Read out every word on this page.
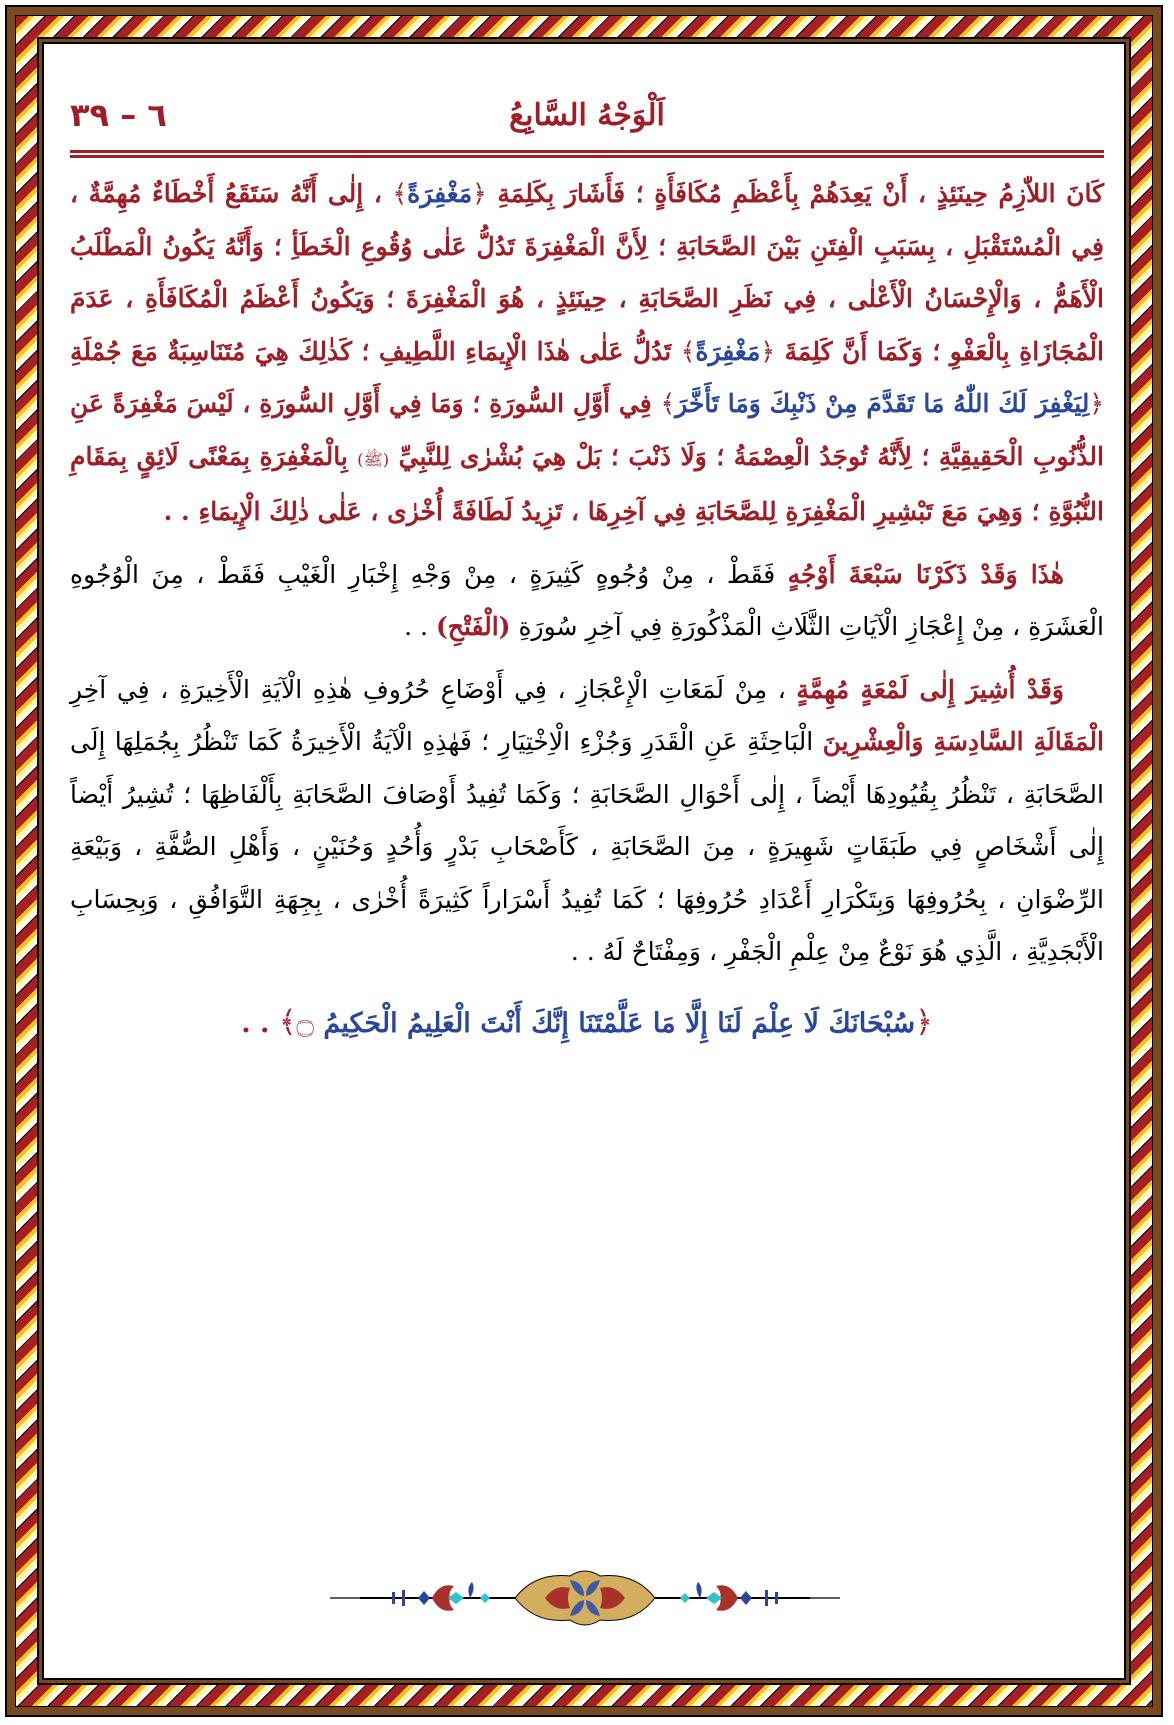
٦ – ٣٩	اَلْوَجْهُ السَّابِعُ

كَانَ اللاّٰزِمُ حِينَئِذٍ ، أَنْ يَعِدَهُمْ بِأَعْظَمِ مُكَافَأَةٍ ؛ فَأَشَارَ بِكَلِمَةِ ﴿مَغْفِرَةً﴾ ، إِلٰى أَنَّهُ سَتَقَعُ أَخْطَاءٌ مُهِمَّةٌ ، فِي الْمُسْتَقْبَلِ ، بِسَبَبِ الْفِتَنِ بَيْنَ الصَّحَابَةِ ؛ لِأَنَّ الْمَغْفِرَةَ تَدُلُّ عَلٰى وُقُوعِ الْخَطَأِ ؛ وَأَنَّهُ يَكُونُ الْمَطْلَبُ الْأَهَمُّ ، وَالْإِحْسَانُ الْأَعْلٰى ، فِي نَظَرِ الصَّحَابَةِ ، حِينَئِذٍ ، هُوَ الْمَغْفِرَةَ ؛ وَيَكُونُ أَعْظَمُ الْمُكَافَأَةِ ، عَدَمَ الْمُجَازَاةِ بِالْعَفْوِ ؛ وَكَمَا أَنَّ كَلِمَةَ ﴿مَغْفِرَةً﴾ تَدُلُّ عَلٰى هٰذَا الْإِيمَاءِ اللَّطِيفِ ؛ كَذٰلِكَ هِيَ مُتَنَاسِبَةٌ مَعَ جُمْلَةِ ﴿لِيَغْفِرَ لَكَ اللّٰهُ مَا تَقَدَّمَ مِنْ ذَنْبِكَ وَمَا تَأَخَّرَ﴾ فِي أَوَّلِ السُّورَةِ ؛ وَمَا فِي أَوَّلِ السُّورَةِ ، لَيْسَ مَغْفِرَةً عَنِ الذُّنُوبِ الْحَقِيقِيَّةِ ؛ لِأَنَّهُ تُوجَدُ الْعِصْمَةُ ؛ وَلَا ذَنْبَ ؛ بَلْ هِيَ بُشْرٰى لِلنَّبِيِّ (ﷺ) بِالْمَغْفِرَةِ بِمَعْنًى لَائِقٍ بِمَقَامِ النُّبُوَّةِ ؛ وَهِيَ مَعَ تَبْشِيرِ الْمَغْفِرَةِ لِلصَّحَابَةِ فِي آخِرِهَا ، تَزِيدُ لَطَافَةً أُخْرٰى ، عَلٰى ذٰلِكَ الْإِيمَاءِ . .

هٰذَا وَقَدْ ذَكَرْنَا سَبْعَةَ أَوْجُهٍ فَقَطْ ، مِنْ وُجُوهٍ كَثِيرَةٍ ، مِنْ وَجْهِ إِخْبَارِ الْغَيْبِ فَقَطْ ، مِنَ الْوُجُوهِ الْعَشَرَةِ ، مِنْ إِعْجَازِ الْآيَاتِ الثَّلَاثِ الْمَذْكُورَةِ فِي آخِرِ سُورَةِ (الْفَتْحِ) . .

وَقَدْ أُشِيرَ إِلٰى لَمْعَةٍ مُهِمَّةٍ ، مِنْ لَمَعَاتِ الْإِعْجَازِ ، فِي أَوْضَاعِ حُرُوفِ هٰذِهِ الْآيَةِ الْأَخِيرَةِ ، فِي آخِرِ الْمَقَالَةِ السَّادِسَةِ وَالْعِشْرِينَ الْبَاحِثَةِ عَنِ الْقَدَرِ وَجُزْءِ الْاِخْتِيَارِ ؛ فَهٰذِهِ الْآيَةُ الْأَخِيرَةُ كَمَا تَنْظُرُ بِجُمَلِهَا إِلَى الصَّحَابَةِ ، تَنْظُرُ بِقُيُودِهَا أَيْضاً ، إِلٰى أَحْوَالِ الصَّحَابَةِ ؛ وَكَمَا تُفِيدُ أَوْصَافَ الصَّحَابَةِ بِأَلْفَاظِهَا ؛ تُشِيرُ أَيْضاً إِلٰى أَشْخَاصٍ فِي طَبَقَاتٍ شَهِيرَةٍ ، مِنَ الصَّحَابَةِ ، كَأَصْحَابِ بَدْرٍ وَأُحُدٍ وَحُنَيْنٍ ، وَأَهْلِ الصُّفَّةِ ، وَبَيْعَةِ الرِّضْوَانِ ، بِحُرُوفِهَا وَبِتَكْرَارِ أَعْدَادِ حُرُوفِهَا ؛ كَمَا تُفِيدُ أَسْرَاراً كَثِيرَةً أُخْرٰى ، بِجِهَةِ التَّوَافُقِ ، وَبِحِسَابِ الْأَبْجَدِيَّةِ ، الَّذِي هُوَ نَوْعٌ مِنْ عِلْمِ الْجَفْرِ ، وَمِفْتَاحٌ لَهُ . .

﴿سُبْحَانَكَ لَا عِلْمَ لَنَا إِلَّا مَا عَلَّمْتَنَا إِنَّكَ أَنْتَ الْعَلِيمُ الْحَكِيمُ ۝﴾ . .
